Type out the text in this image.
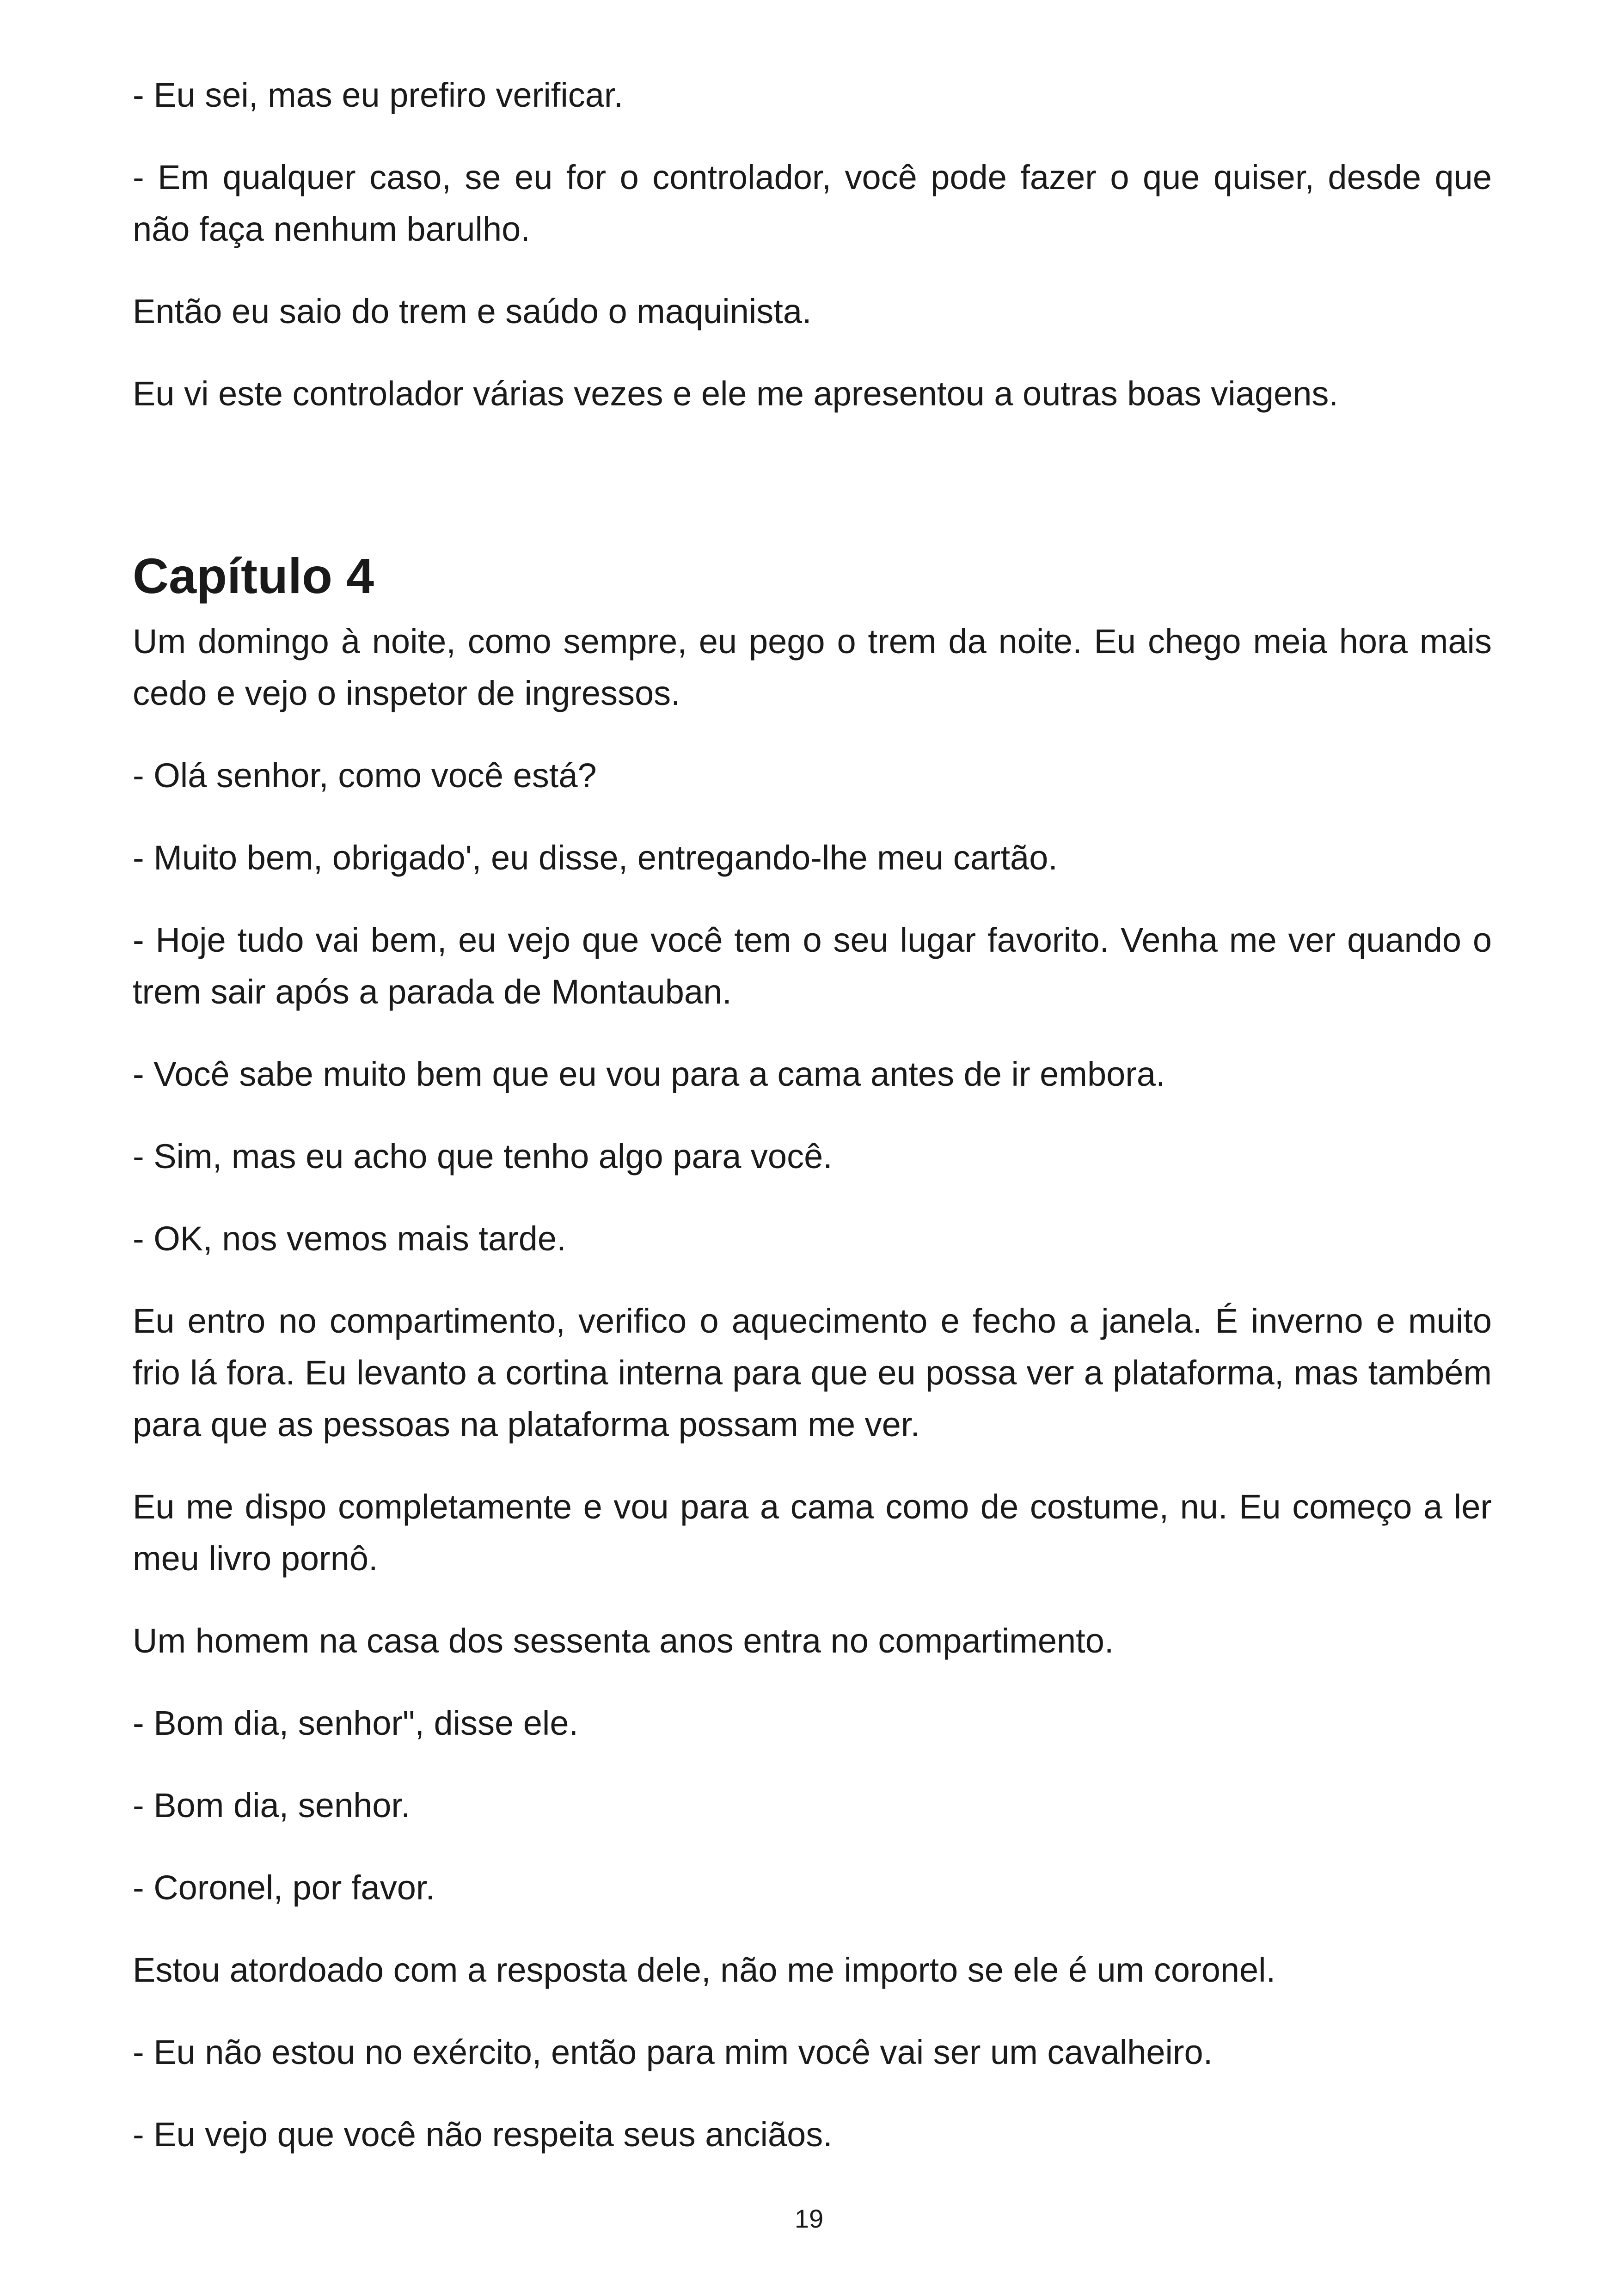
- Eu sei, mas eu prefiro verificar.

- Em qualquer caso, se eu for o controlador, você pode fazer o que quiser, desde que não faça nenhum barulho.

Então eu saio do trem e saúdo o maquinista.

Eu vi este controlador várias vezes e ele me apresentou a outras boas viagens.

Capítulo 4

Um domingo à noite, como sempre, eu pego o trem da noite. Eu chego meia hora mais cedo e vejo o inspetor de ingressos.

- Olá senhor, como você está?

- Muito bem, obrigado', eu disse, entregando-lhe meu cartão.

- Hoje tudo vai bem, eu vejo que você tem o seu lugar favorito. Venha me ver quando o trem sair após a parada de Montauban.

- Você sabe muito bem que eu vou para a cama antes de ir embora.

- Sim, mas eu acho que tenho algo para você.

- OK, nos vemos mais tarde.

Eu entro no compartimento, verifico o aquecimento e fecho a janela. É inverno e muito frio lá fora. Eu levanto a cortina interna para que eu possa ver a plataforma, mas também para que as pessoas na plataforma possam me ver.

Eu me dispo completamente e vou para a cama como de costume, nu. Eu começo a ler meu livro pornô.

Um homem na casa dos sessenta anos entra no compartimento.

- Bom dia, senhor", disse ele.

- Bom dia, senhor.

- Coronel, por favor.

Estou atordoado com a resposta dele, não me importo se ele é um coronel.

- Eu não estou no exército, então para mim você vai ser um cavalheiro.

- Eu vejo que você não respeita seus anciãos.

19
